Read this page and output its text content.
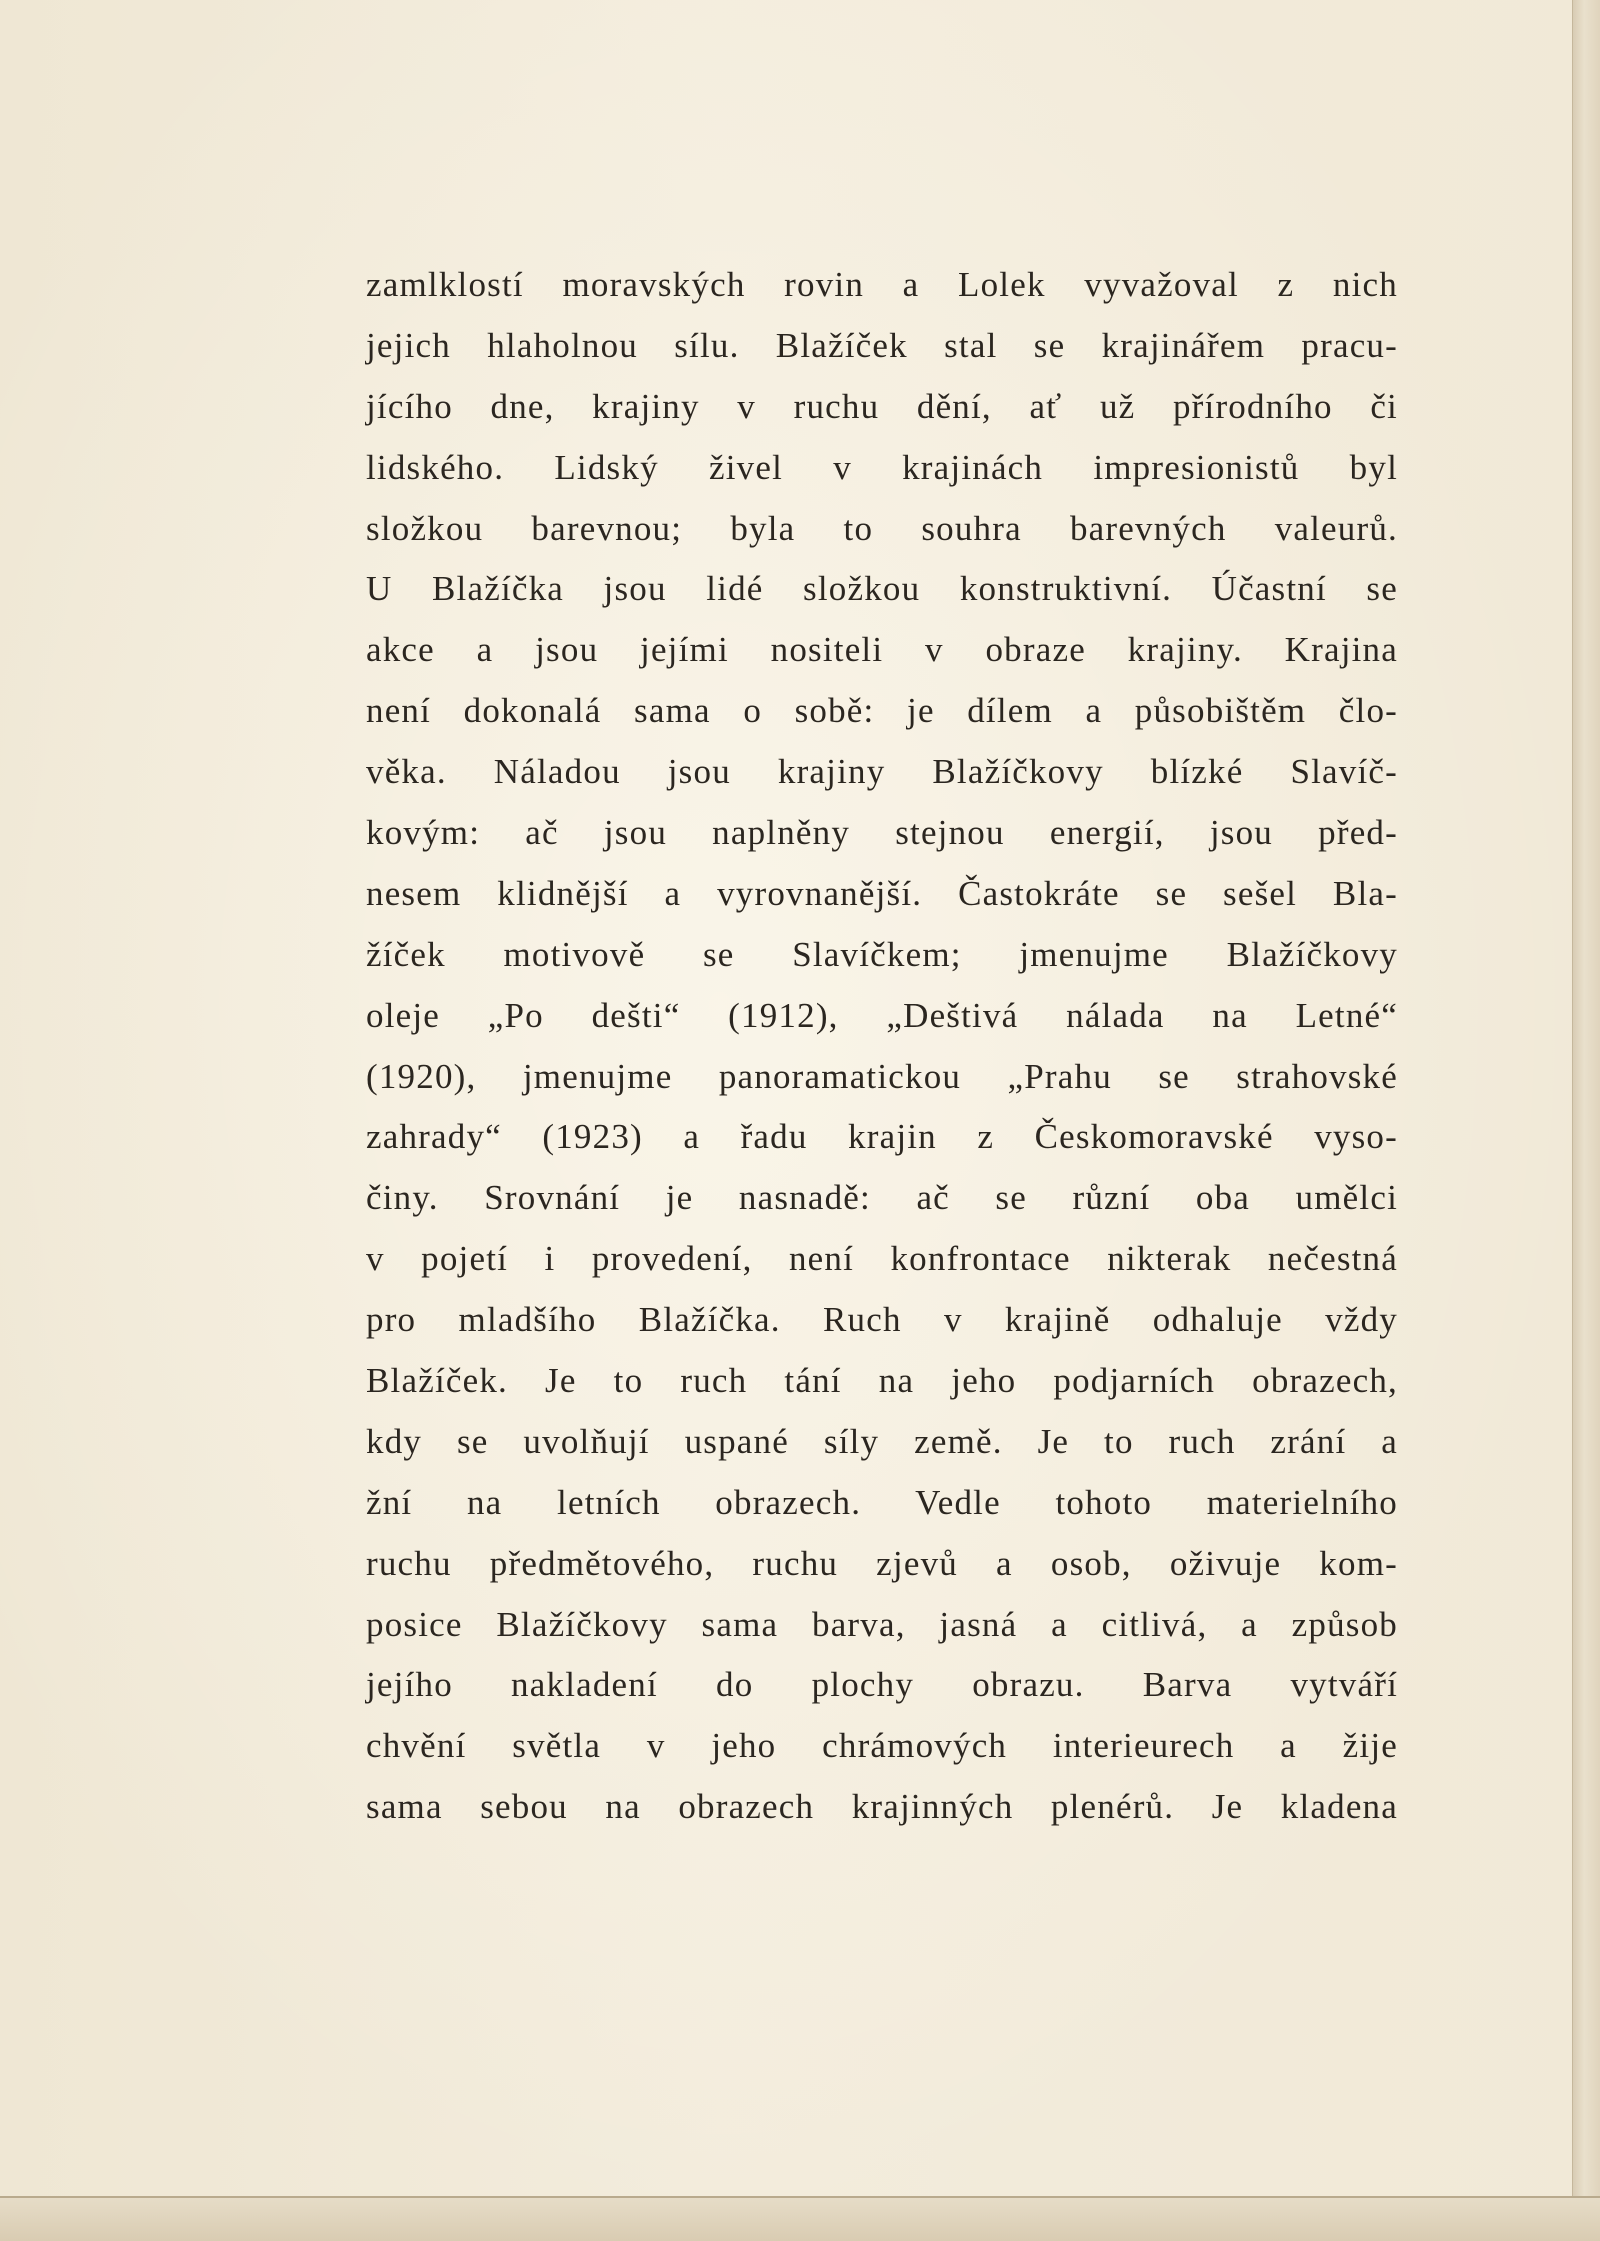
zamlklostí moravských rovin a Lolek vyvažoval z nich
jejich hlaholnou sílu. Blažíček stal se krajinářem pracu-
jícího dne, krajiny v ruchu dění, ať už přírodního či
lidského. Lidský živel v krajinách impresionistů byl
složkou barevnou; byla to souhra barevných valeurů.
U Blažíčka jsou lidé složkou konstruktivní. Účastní se
akce a jsou jejími nositeli v obraze krajiny. Krajina
není dokonalá sama o sobě: je dílem a působištěm člo-
věka. Náladou jsou krajiny Blažíčkovy blízké Slavíč-
kovým: ač jsou naplněny stejnou energií, jsou před-
nesem klidnější a vyrovnanější. Častokráte se sešel Bla-
žíček motivově se Slavíčkem; jmenujme Blažíčkovy
oleje „Po dešti“ (1912), „Deštivá nálada na Letné“
(1920), jmenujme panoramatickou „Prahu se strahovské
zahrady“ (1923) a řadu krajin z Českomoravské vyso-
činy. Srovnání je nasnadě: ač se různí oba umělci
v pojetí i provedení, není konfrontace nikterak nečestná
pro mladšího Blažíčka. Ruch v krajině odhaluje vždy
Blažíček. Je to ruch tání na jeho podjarních obrazech,
kdy se uvolňují uspané síly země. Je to ruch zrání a
žní na letních obrazech. Vedle tohoto materielního
ruchu předmětového, ruchu zjevů a osob, oživuje kom-
posice Blažíčkovy sama barva, jasná a citlivá, a způsob
jejího nakladení do plochy obrazu. Barva vytváří
chvění světla v jeho chrámových interieurech a žije
sama sebou na obrazech krajinných plenérů. Je kladena
